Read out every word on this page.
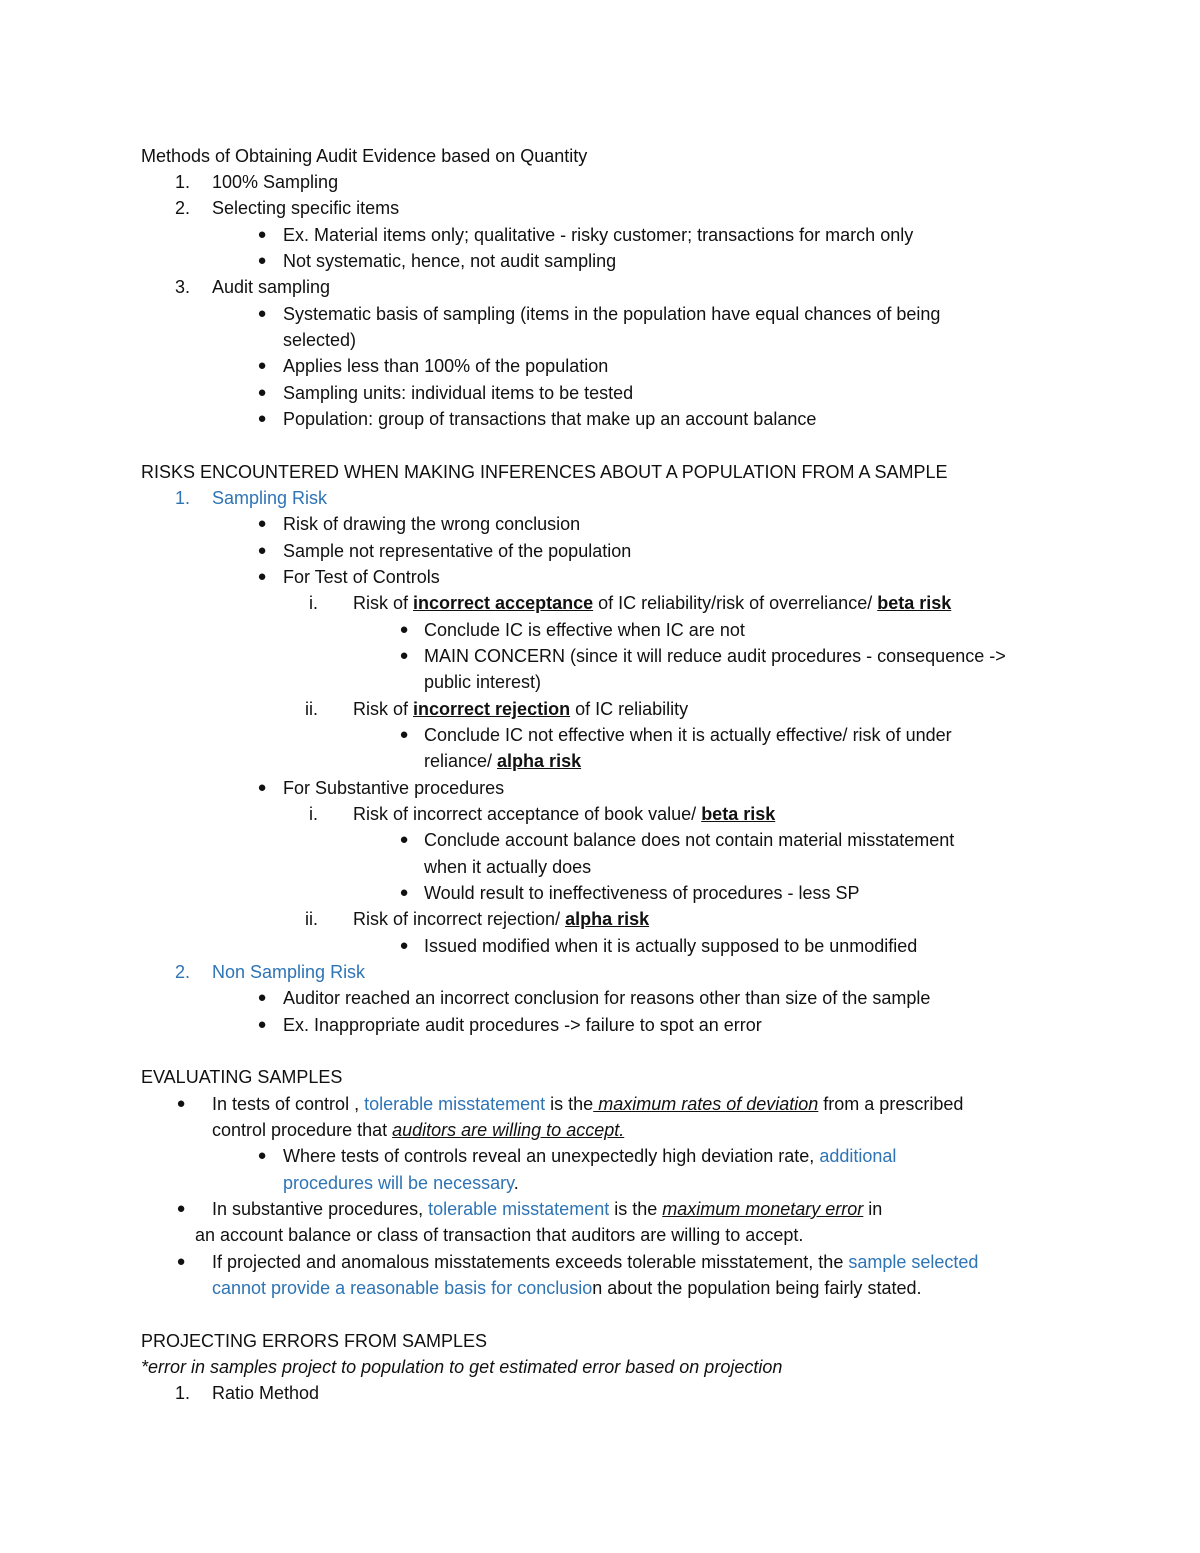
Methods of Obtaining Audit Evidence based on Quantity
1. 100% Sampling
2. Selecting specific items
● Ex. Material items only; qualitative - risky customer; transactions for march only
● Not systematic, hence, not audit sampling
3. Audit sampling
● Systematic basis of sampling (items in the population have equal chances of being
selected)
● Applies less than 100% of the population
● Sampling units: individual items to be tested
● Population: group of transactions that make up an account balance
RISKS ENCOUNTERED WHEN MAKING INFERENCES ABOUT A POPULATION FROM A SAMPLE
1. Sampling Risk
● Risk of drawing the wrong conclusion
● Sample not representative of the population
● For Test of Controls
i. Risk of incorrect acceptance of IC reliability/risk of overreliance/ beta risk
● Conclude IC is effective when IC are not
● MAIN CONCERN (since it will reduce audit procedures - consequence ->
public interest)
ii. Risk of incorrect rejection of IC reliability
● Conclude IC not effective when it is actually effective/ risk of under
reliance/ alpha risk
● For Substantive procedures
i. Risk of incorrect acceptance of book value/ beta risk
● Conclude account balance does not contain material misstatement
when it actually does
● Would result to ineffectiveness of procedures - less SP
ii. Risk of incorrect rejection/ alpha risk
● Issued modified when it is actually supposed to be unmodified
2. Non Sampling Risk
● Auditor reached an incorrect conclusion for reasons other than size of the sample
● Ex. Inappropriate audit procedures -> failure to spot an error
EVALUATING SAMPLES
● In tests of control , tolerable misstatement is the maximum rates of deviation from a prescribed
control procedure that auditors are willing to accept.
● Where tests of controls reveal an unexpectedly high deviation rate, additional
procedures will be necessary.
● In substantive procedures, tolerable misstatement is the maximum monetary error in
an account balance or class of transaction that auditors are willing to accept.
● If projected and anomalous misstatements exceeds tolerable misstatement, the sample selected
cannot provide a reasonable basis for conclusion about the population being fairly stated.
PROJECTING ERRORS FROM SAMPLES
*error in samples project to population to get estimated error based on projection
1. Ratio Method
